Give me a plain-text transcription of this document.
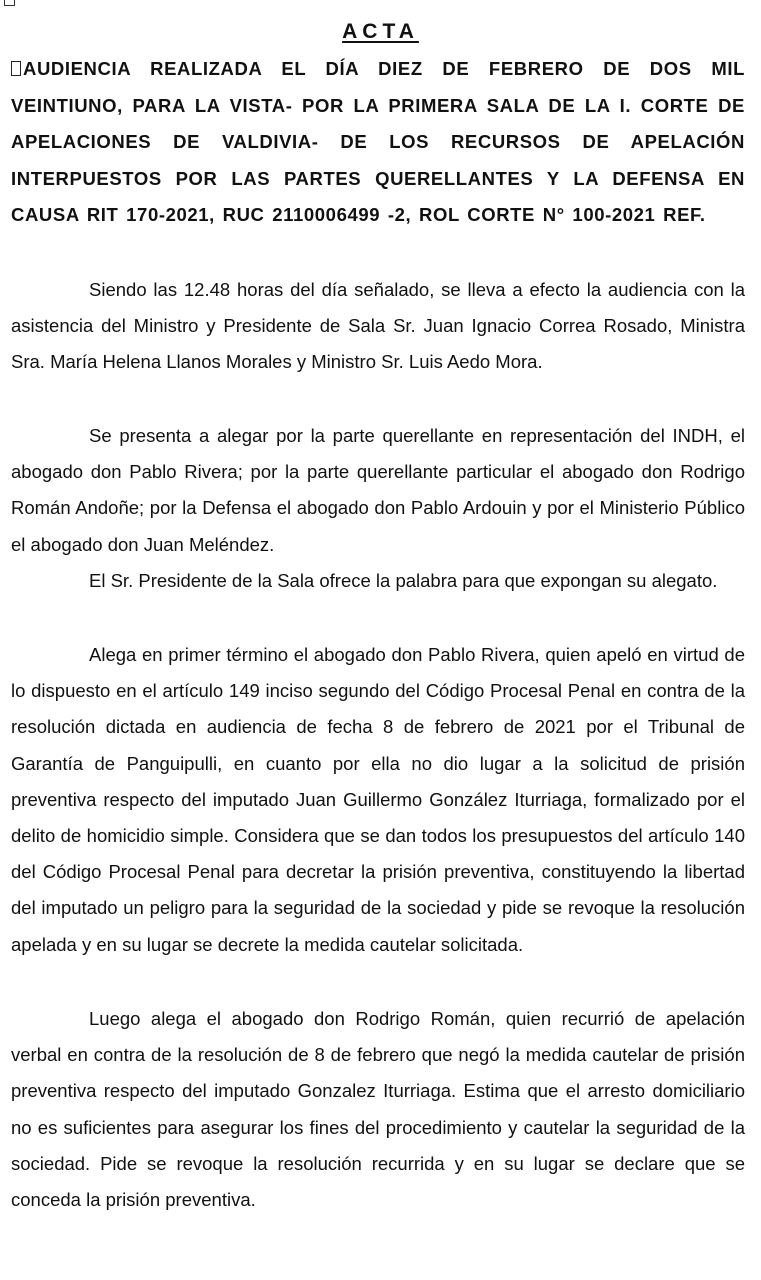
ACTA
AUDIENCIA REALIZADA EL DÍA DIEZ DE FEBRERO DE DOS MIL VEINTIUNO, PARA LA VISTA- POR LA PRIMERA SALA DE LA I. CORTE DE APELACIONES DE VALDIVIA- DE LOS RECURSOS DE APELACIÓN INTERPUESTOS POR LAS PARTES QUERELLANTES Y LA DEFENSA EN CAUSA RIT 170-2021, RUC 2110006499 -2, ROL CORTE N° 100-2021 REF.

Siendo las 12.48 horas del día señalado, se lleva a efecto la audiencia con la asistencia del Ministro y Presidente de Sala Sr. Juan Ignacio Correa Rosado, Ministra Sra. María Helena Llanos Morales y Ministro Sr. Luis Aedo Mora.

Se presenta a alegar por la parte querellante en representación del INDH, el abogado don Pablo Rivera; por la parte querellante particular el abogado don Rodrigo Román Andoñe; por la Defensa el abogado don Pablo Ardouin y por el Ministerio Público el abogado don Juan Meléndez.

El Sr. Presidente de la Sala ofrece la palabra para que expongan su alegato.

Alega en primer término el abogado don Pablo Rivera, quien apeló en virtud de lo dispuesto en el artículo 149 inciso segundo del Código Procesal Penal en contra de la resolución dictada en audiencia de fecha 8 de febrero de 2021 por el Tribunal de Garantía de Panguipulli, en cuanto por ella no dio lugar a la solicitud de prisión preventiva respecto del imputado Juan Guillermo González Iturriaga, formalizado por el delito de homicidio simple. Considera que se dan todos los presupuestos del artículo 140 del Código Procesal Penal para decretar la prisión preventiva, constituyendo la libertad del imputado un peligro para la seguridad de la sociedad y pide se revoque la resolución apelada y en su lugar se decrete la medida cautelar solicitada.

Luego alega el abogado don Rodrigo Román, quien recurrió de apelación verbal en contra de la resolución de 8 de febrero que negó la medida cautelar de prisión preventiva respecto del imputado Gonzalez Iturriaga. Estima que el arresto domiciliario no es suficientes para asegurar los fines del procedimiento y cautelar la seguridad de la sociedad. Pide se revoque la resolución recurrida y en su lugar se declare que se conceda la prisión preventiva.
